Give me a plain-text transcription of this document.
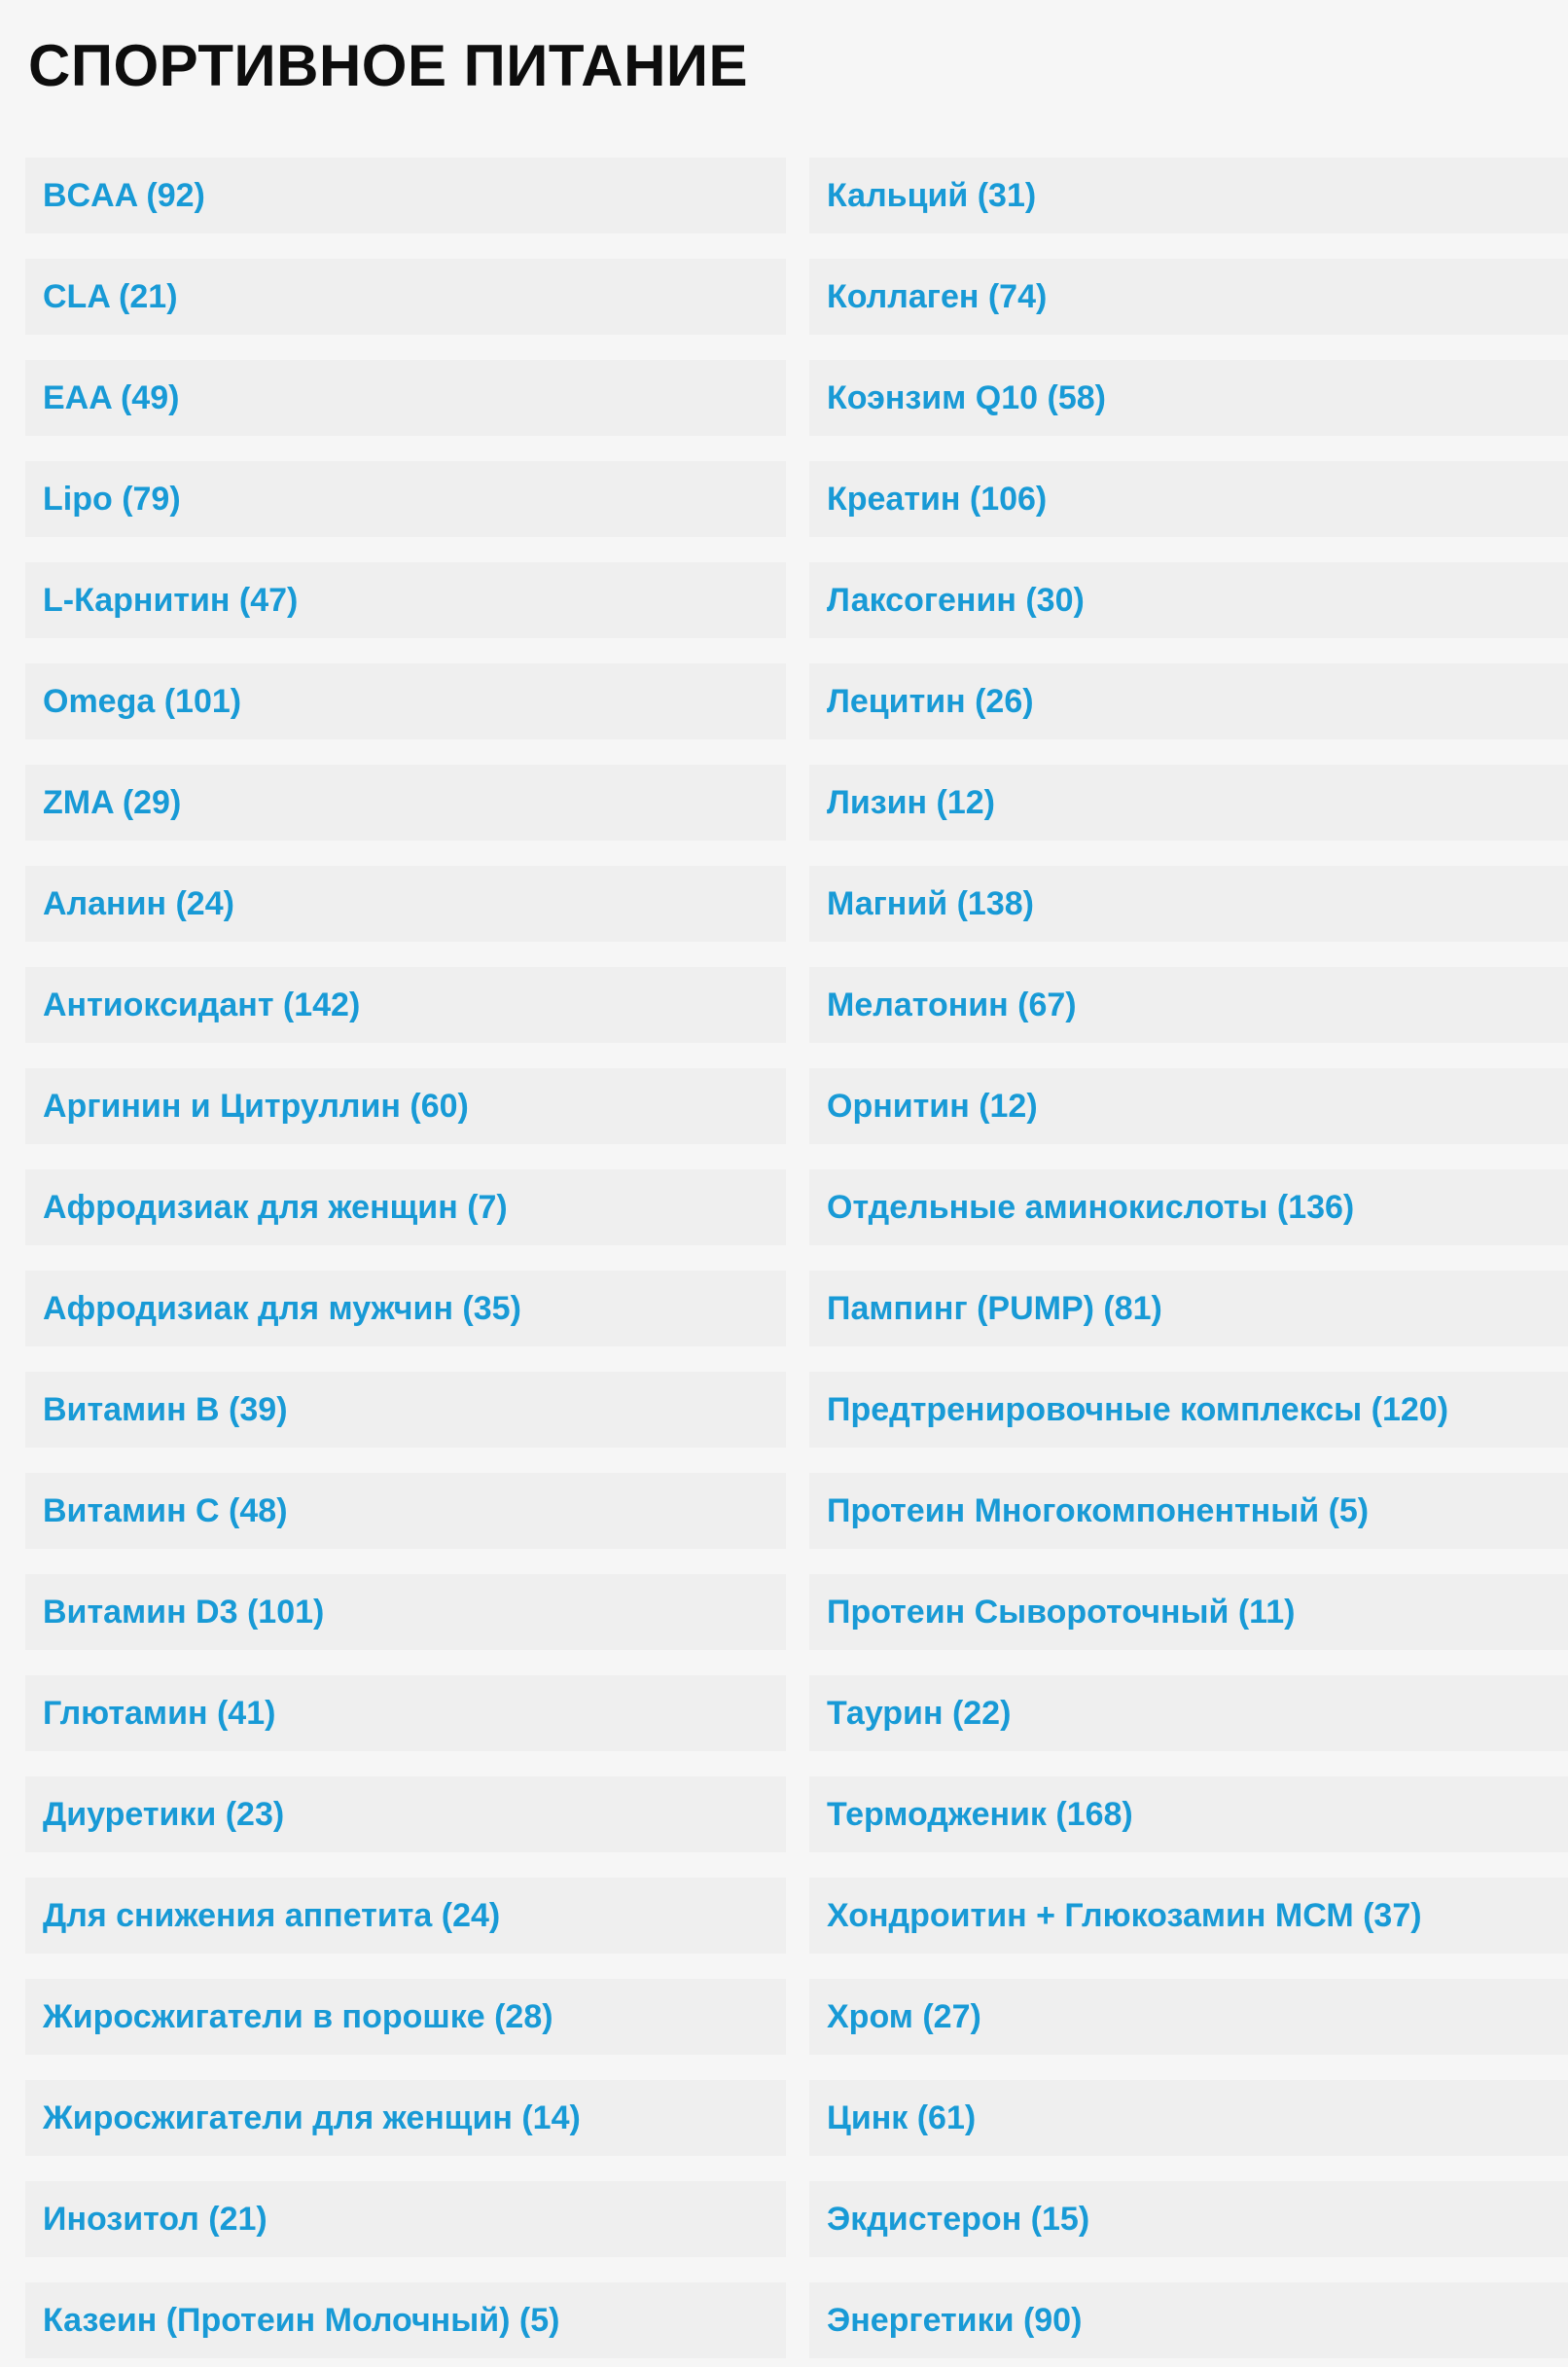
СПОРТИВНОЕ ПИТАНИЕ
BCAA (92)
CLA (21)
EAA (49)
Lipo (79)
L-Карнитин (47)
Omega (101)
ZMA (29)
Аланин (24)
Антиоксидант (142)
Аргинин и Цитруллин (60)
Афродизиак для женщин (7)
Афродизиак для мужчин (35)
Витамин B (39)
Витамин C (48)
Витамин D3 (101)
Глютамин (41)
Диуретики (23)
Для снижения аппетита (24)
Жиросжигатели в порошке (28)
Жиросжигатели для женщин (14)
Инозитол (21)
Казеин (Протеин Молочный) (5)
Кальций (31)
Коллаген (74)
Коэнзим Q10 (58)
Креатин (106)
Лаксогенин (30)
Лецитин (26)
Лизин (12)
Магний (138)
Мелатонин (67)
Орнитин (12)
Отдельные аминокислоты (136)
Пампинг (PUMP) (81)
Предтренировочные комплексы (120)
Протеин Многокомпонентный (5)
Протеин Сывороточный (11)
Таурин (22)
Термодженик (168)
Хондроитин + Глюкозамин МСМ (37)
Хром (27)
Цинк (61)
Экдистерон (15)
Энергетики (90)
